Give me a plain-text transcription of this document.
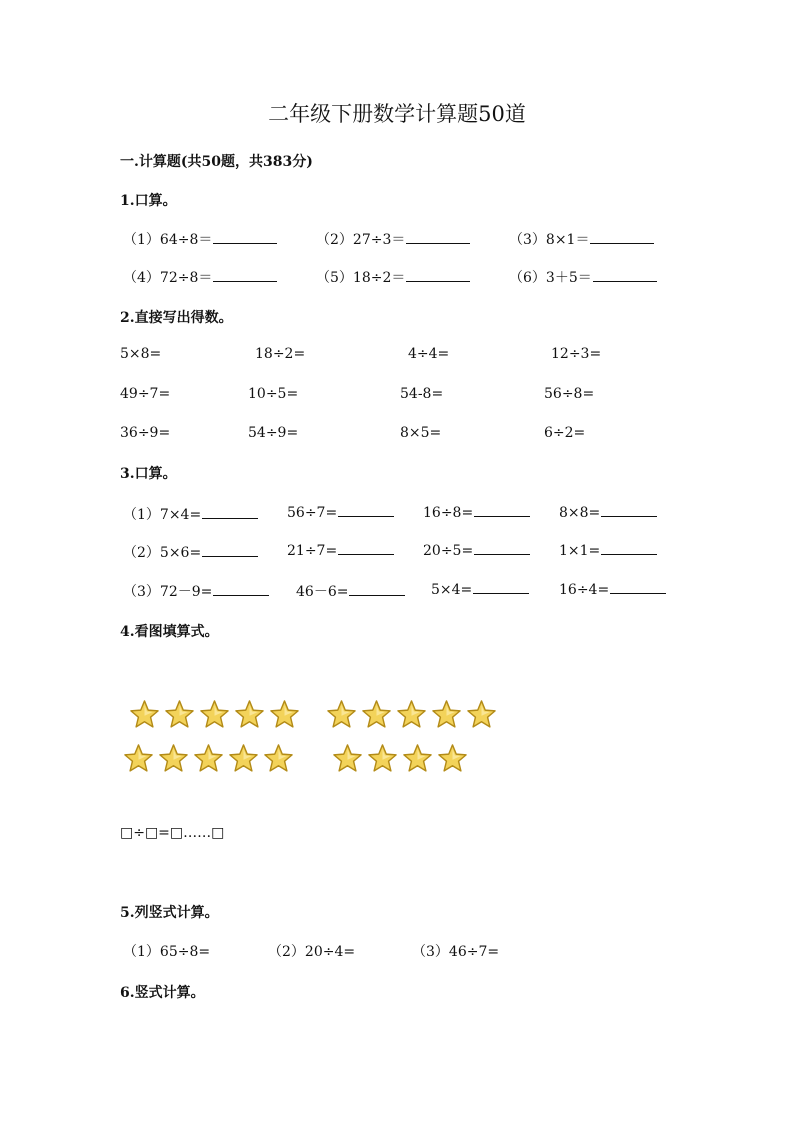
二年级下册数学计算题50道
一.计算题(共50题，共383分)
1.口算。
（1）64÷8＝	（2）27÷3＝	（3）8×1＝
（4）72÷8＝	（5）18÷2＝	（6）3＋5＝
2.直接写出得数。
5×8=	18÷2=	4÷4=	12÷3=
49÷7=	10÷5=	54-8=	56÷8=
36÷9=	54÷9=	8×5=	6÷2=
3.口算。
（1）7×4=	56÷7=	16÷8=	8×8=
（2）5×6=	21÷7=	20÷5=	1×1=
（3）72－9=	46－6=	5×4=	16÷4=
4.看图填算式。
□÷□=□……□
5.列竖式计算。
（1）65÷8=	（2）20÷4=	（3）46÷7=
6.竖式计算。
